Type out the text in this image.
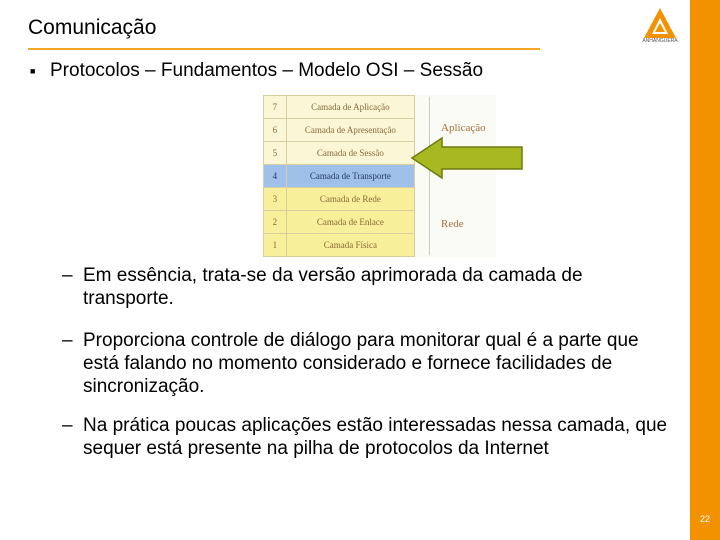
Comunicação
ANHANGUERA
22
■ Protocolos – Fundamentos – Modelo OSI – Sessão
7	Camada de Aplicação
6	Camada de Apresentação
5	Camada de Sessão
4	Camada de Transporte
3	Camada de Rede
2	Camada de Enlace
1	Camada Física
Aplicação
Rede
– Em essência, trata-se da versão aprimorada da camada de transporte.
– Proporciona controle de diálogo para monitorar qual é a parte que está falando no momento considerado e fornece facilidades de sincronização.
– Na prática poucas aplicações estão interessadas nessa camada, que sequer está presente na pilha de protocolos da Internet
